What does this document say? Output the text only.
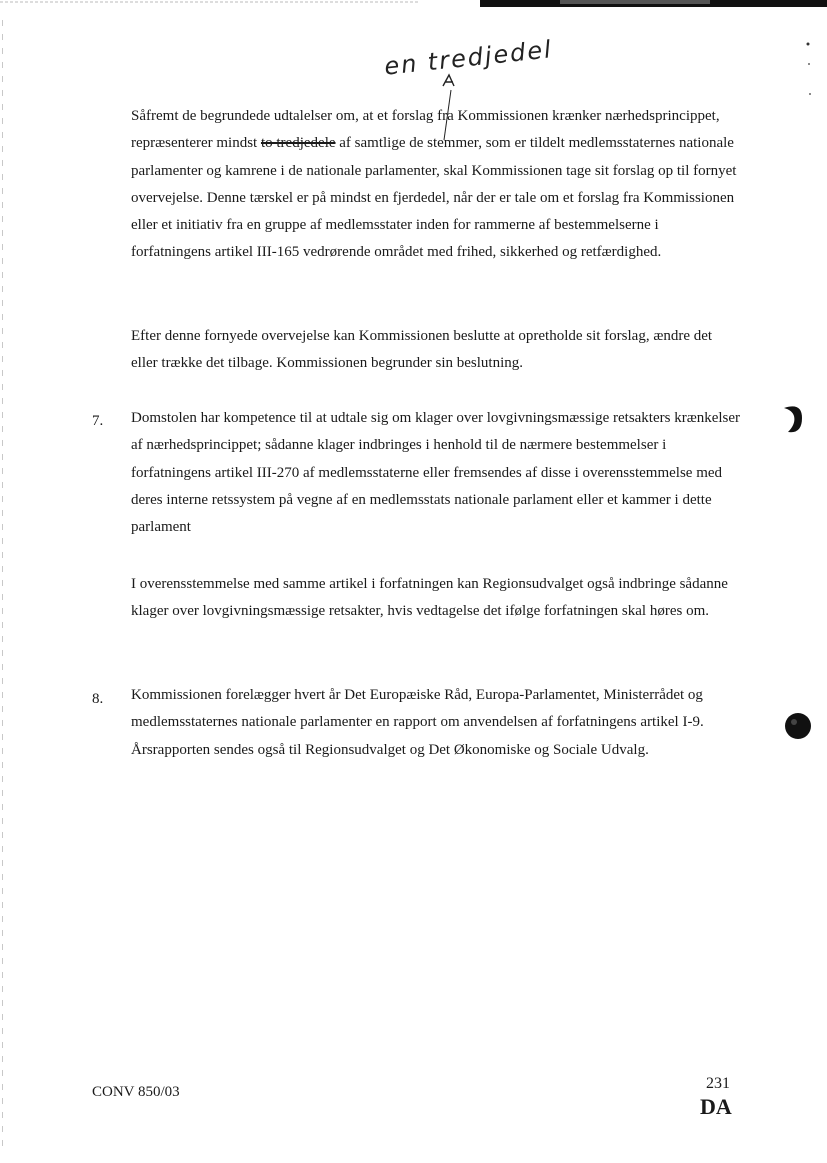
en tredjedel

Såfremt de begrundede udtalelser om, at et forslag fra Kommissionen krænker nærhedsprincippet, repræsenterer mindst to tredjedele af samtlige de stemmer, som er tildelt medlemsstaternes nationale parlamenter og kamrene i de nationale parlamenter, skal Kommissionen tage sit forslag op til fornyet overvejelse. Denne tærskel er på mindst en fjerdedel, når der er tale om et forslag fra Kommissionen eller et initiativ fra en gruppe af medlemsstater inden for rammerne af bestemmelserne i forfatningens artikel III-165 vedrørende området med frihed, sikkerhed og retfærdighed.

Efter denne fornyede overvejelse kan Kommissionen beslutte at opretholde sit forslag, ændre det eller trække det tilbage. Kommissionen begrunder sin beslutning.

7. Domstolen har kompetence til at udtale sig om klager over lovgivningsmæssige retsakters krænkelser af nærhedsprincippet; sådanne klager indbringes i henhold til de nærmere bestemmelser i forfatningens artikel III-270 af medlemsstaterne eller fremsendes af disse i overensstemmelse med deres interne retssystem på vegne af en medlemsstats nationale parlament eller et kammer i dette parlament

I overensstemmelse med samme artikel i forfatningen kan Regionsudvalget også indbringe sådanne klager over lovgivningsmæssige retsakter, hvis vedtagelse det ifølge forfatningen skal høres om.

8. Kommissionen forelægger hvert år Det Europæiske Råd, Europa-Parlamentet, Ministerrådet og medlemsstaternes nationale parlamenter en rapport om anvendelsen af forfatningens artikel I-9. Årsrapporten sendes også til Regionsudvalget og Det Økonomiske og Sociale Udvalg.

CONV 850/03	231
DA
